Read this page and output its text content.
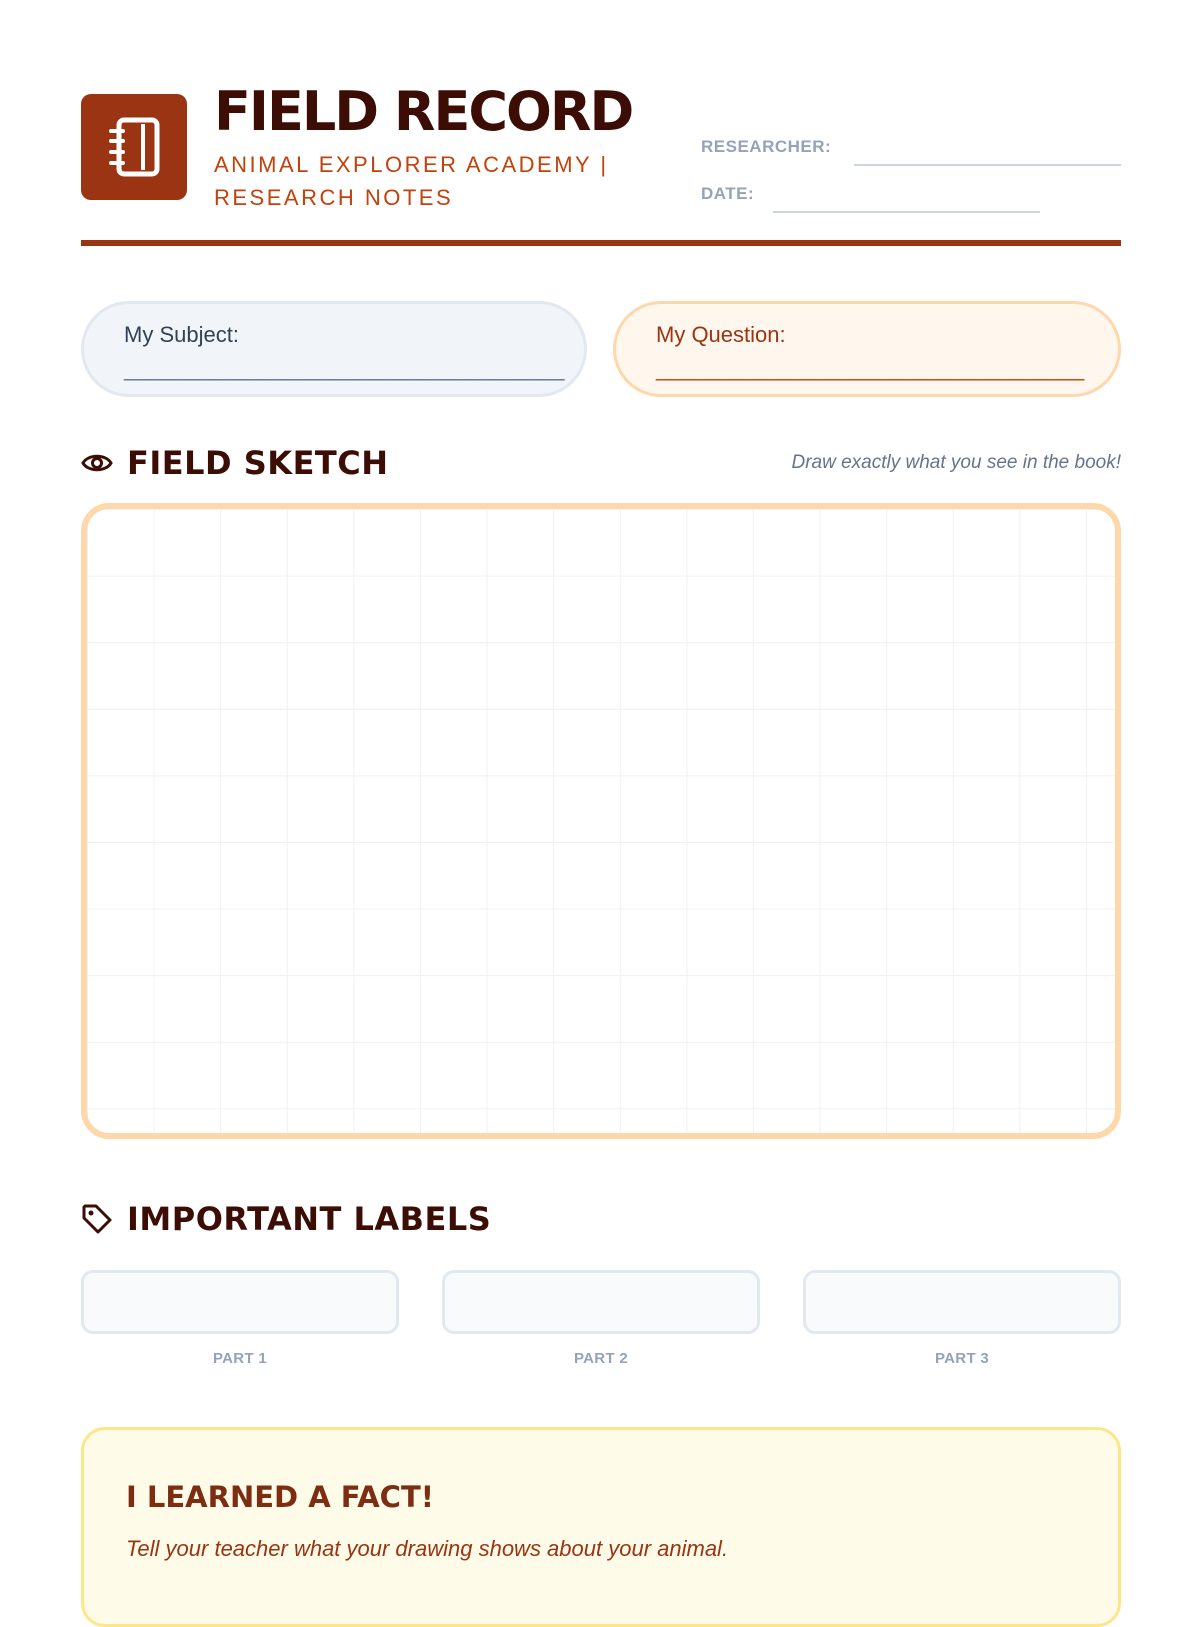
FIELD RECORD
ANIMAL EXPLORER ACADEMY | RESEARCH NOTES
RESEARCHER:
DATE:
My Subject:
____________________________________
My Question:
___________________________________
FIELD SKETCH	Draw exactly what you see in the book!
IMPORTANT LABELS
PART 1	PART 2	PART 3
I LEARNED A FACT!
Tell your teacher what your drawing shows about your animal.
